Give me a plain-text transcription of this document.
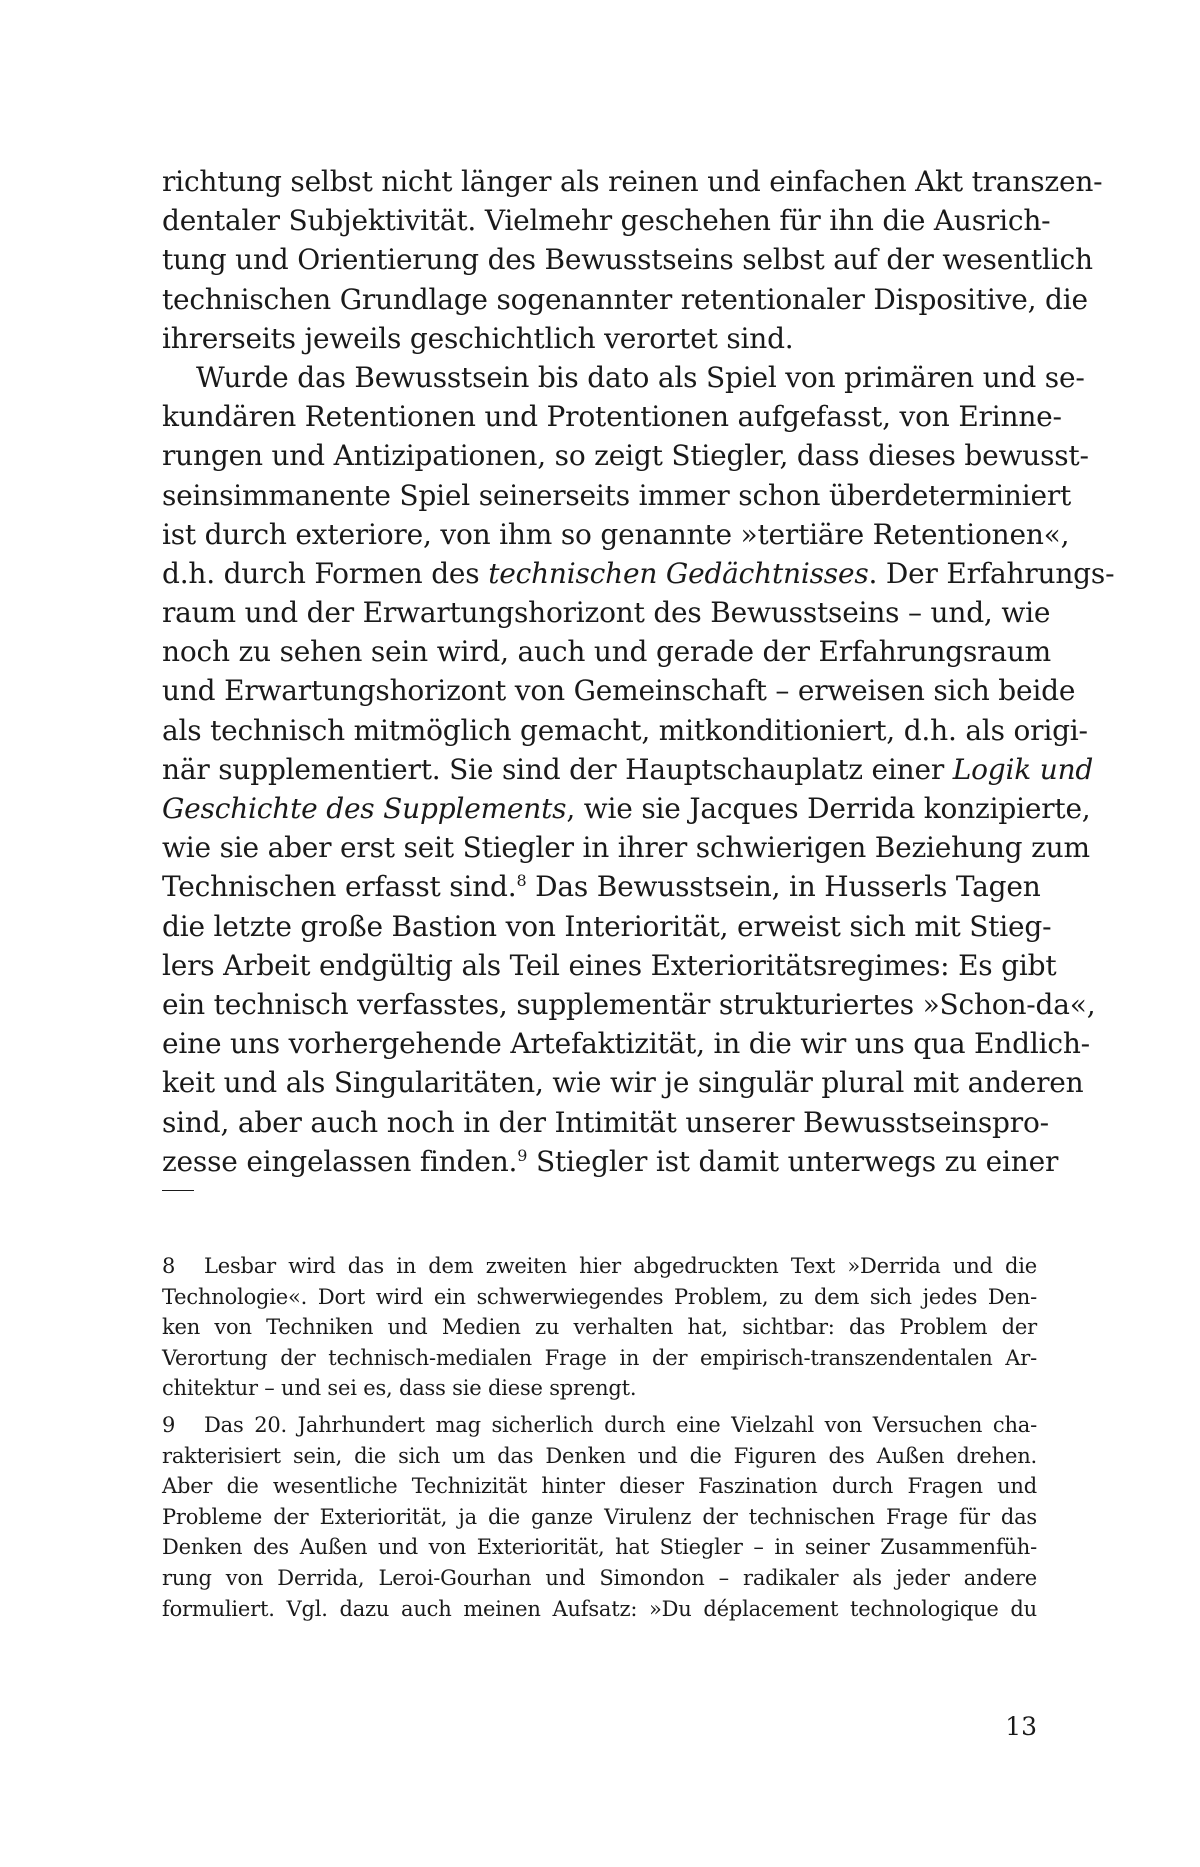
richtung selbst nicht länger als reinen und einfachen Akt transzen-
dentaler Subjektivität. Vielmehr geschehen für ihn die Ausrich-
tung und Orientierung des Bewusstseins selbst auf der wesentlich
technischen Grundlage sogenannter retentionaler Dispositive, die
ihrerseits jeweils geschichtlich verortet sind.
Wurde das Bewusstsein bis dato als Spiel von primären und se-
kundären Retentionen und Protentionen aufgefasst, von Erinne-
rungen und Antizipationen, so zeigt Stiegler, dass dieses bewusst-
seinsimmanente Spiel seinerseits immer schon überdeterminiert
ist durch exteriore, von ihm so genannte »tertiäre Retentionen«,
d.h. durch Formen des technischen Gedächtnisses. Der Erfahrungs-
raum und der Erwartungshorizont des Bewusstseins – und, wie
noch zu sehen sein wird, auch und gerade der Erfahrungsraum
und Erwartungshorizont von Gemeinschaft – erweisen sich beide
als technisch mitmöglich gemacht, mitkonditioniert, d.h. als origi-
när supplementiert. Sie sind der Hauptschauplatz einer Logik und
Geschichte des Supplements, wie sie Jacques Derrida konzipierte,
wie sie aber erst seit Stiegler in ihrer schwierigen Beziehung zum
Technischen erfasst sind.$^8$ Das Bewusstsein, in Husserls Tagen
die letzte große Bastion von Interiorität, erweist sich mit Stieg-
lers Arbeit endgültig als Teil eines Exterioritätsregimes: Es gibt
ein technisch verfasstes, supplementär strukturiertes »Schon-da«,
eine uns vorhergehende Artefaktizität, in die wir uns qua Endlich-
keit und als Singularitäten, wie wir je singulär plural mit anderen
sind, aber auch noch in der Intimität unserer Bewusstseinspro-
zesse eingelassen finden.$^9$ Stiegler ist damit unterwegs zu einer
8 Lesbar wird das in dem zweiten hier abgedruckten Text »Derrida und die
Technologie«. Dort wird ein schwerwiegendes Problem, zu dem sich jedes Den-
ken von Techniken und Medien zu verhalten hat, sichtbar: das Problem der
Verortung der technisch-medialen Frage in der empirisch-transzendentalen Ar-
chitektur – und sei es, dass sie diese sprengt.
9 Das 20. Jahrhundert mag sicherlich durch eine Vielzahl von Versuchen cha-
rakterisiert sein, die sich um das Denken und die Figuren des Außen drehen.
Aber die wesentliche Technizität hinter dieser Faszination durch Fragen und
Probleme der Exteriorität, ja die ganze Virulenz der technischen Frage für das
Denken des Außen und von Exteriorität, hat Stiegler – in seiner Zusammenfüh-
rung von Derrida, Leroi-Gourhan und Simondon – radikaler als jeder andere
formuliert. Vgl. dazu auch meinen Aufsatz: »Du déplacement technologique du
13
